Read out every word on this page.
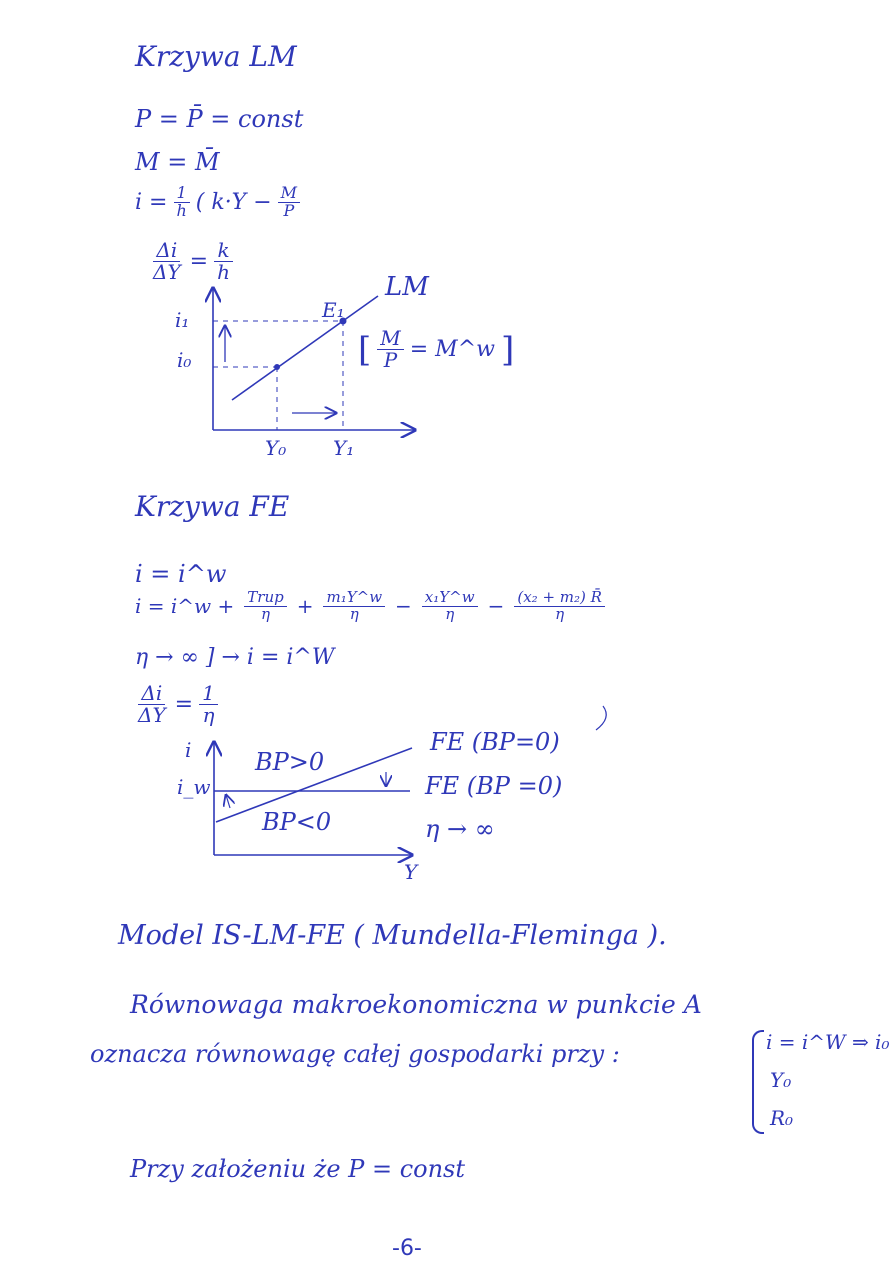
Krzywa LM
P = P̄ = const
M = M̄
$i = \frac{1}{h}$ ( $k\cdot Y - \frac{M}{P}$
$\frac{\Delta i}{\Delta Y} = \frac{k}{h}$
LM
E₁
i₁
i₀
Y₀ Y₁
[ $\frac{M}{P}$ = M^w ]
Krzywa FE
i = i^w
i = i^w + $\frac{\text{Trup}}{\eta} + \frac{\text{m₁Y\textasciicircum{}w}}{\eta} - \frac{\text{x₁Y\textasciicircum{}w}}{\eta} - \frac{\text{(x₂ + m₂) R̄}}{\eta}$
η → ∞ ] → i = i^W
$\frac{\Delta i}{\Delta Y} = \frac{1}{\eta}$
i
i_w
Y
BP>0
BP<0
FE (BP=0)
FE (BP =0)
η → ∞
Model IS-LM-FE ( Mundella-Fleminga ).
Równowaga makroekonomiczna w punkcie A
oznacza równowagę całej gospodarki przy :	i = i^W ⇒ i₀
Y₀
R₀
Przy założeniu że P = const
-6-
